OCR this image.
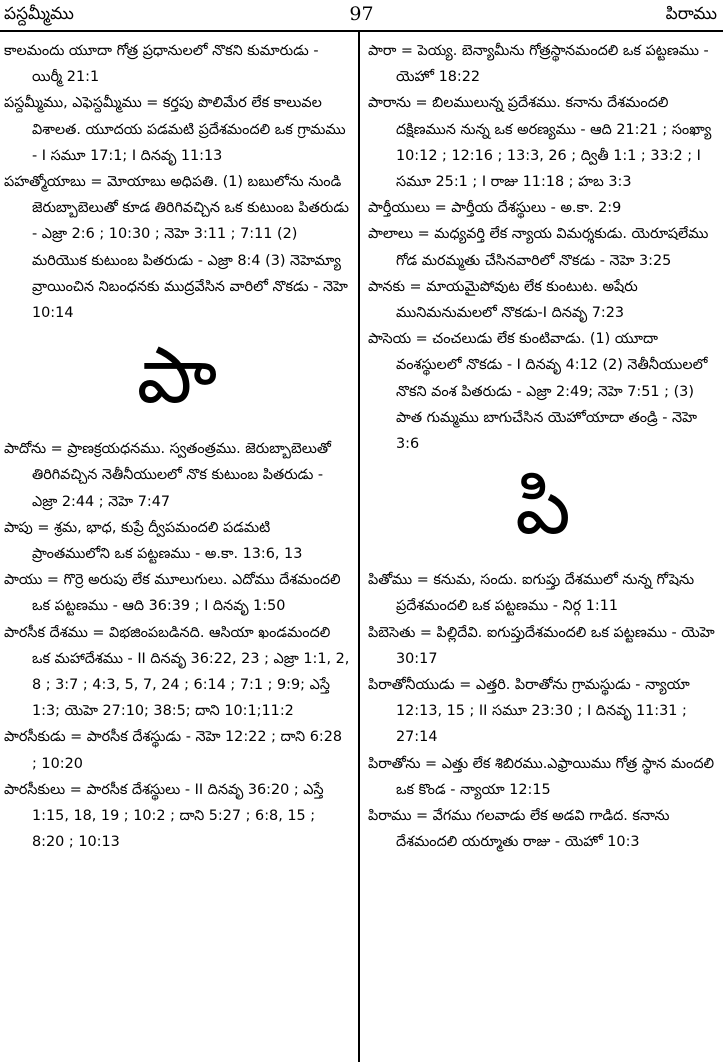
పస్దమ్మీము	97	పిరాము

కాలమందు యూదా గోత్ర ప్రధానులలో నొకని కుమారుడు - యిర్మీ 21:1

పస్దమ్మీము, ఎఫెస్దమ్మీము = కర్తపు పొలిమేర లేక కాలువల విశాలత. యూదయ పడమటి ప్రదేశమందలి ఒక గ్రామము - I సమూ 17:1; I దినవృ 11:13

పహత్మోయాబు = మోయాబు అధిపతి. (1) బబులోను నుండి జెరుబ్బాబెలుతో కూడ తిరిగివచ్చిన ఒక కుటుంబ పితరుడు - ఎజ్రా 2:6 ; 10:30 ; నెహె 3:11 ; 7:11 (2) మరియొక కుటుంబ పితరుడు - ఎజ్రా 8:4 (3) నెహెమ్యా వ్రాయించిన నిబంధనకు ముద్రవేసిన వారిలో నొకడు - నెహె 10:14

పా

పాదోను = ప్రాణక్రయధనము. స్వతంత్రము. జెరుబ్బాబెలుతో తిరిగివచ్చిన నెతీనీయులలో నొక కుటుంబ పితరుడు - ఎజ్రా 2:44 ; నెహె 7:47

పాపు = శ్రమ, భాధ, కుప్రే ద్వీపమందలి పడమటి ప్రాంతములోని ఒక పట్టణము - అ.కా. 13:6, 13

పాయు = గొర్రె అరుపు లేక మూలుగులు. ఎదోము దేశమందలి ఒక పట్టణము - ఆది 36:39 ; I దినవృ 1:50

పారసీక దేశము = విభజింపబడినది. ఆసియా ఖండమందలి ఒక మహాదేశము - II దినవృ 36:22, 23 ; ఎజ్రా 1:1, 2, 8 ; 3:7 ; 4:3, 5, 7, 24 ; 6:14 ; 7:1 ; 9:9; ఎస్తే 1:3; యెహె 27:10; 38:5; దాని 10:1;11:2

పారసీకుడు = పారసీక దేశస్థుడు - నెహె 12:22 ; దాని 6:28 ; 10:20

పారసీకులు = పారసీక దేశస్థులు - II దినవృ 36:20 ; ఎస్తే 1:15, 18, 19 ; 10:2 ; దాని 5:27 ; 6:8, 15 ; 8:20 ; 10:13

పారా = పెయ్య. బెన్యామీను గోత్రస్థానమందలి ఒక పట్టణము - యెహో 18:22

పారాను = బిలములున్న ప్రదేశము. కనాను దేశమందలి దక్షిణమున నున్న ఒక అరణ్యము - ఆది 21:21 ; సంఖ్యా 10:12 ; 12:16 ; 13:3, 26 ; ద్వితీ 1:1 ; 33:2 ; I సమూ 25:1 ; I రాజు 11:18 ; హబ 3:3

పార్తీయులు = పార్తీయ దేశస్థులు - అ.కా. 2:9

పాలాలు = మధ్యవర్తి లేక న్యాయ విమర్శకుడు. యెరూషలేము గోడ మరమ్మతు చేసినవారిలో నొకడు - నెహె 3:25

పానకు = మాయమైపోవుట లేక కుంటుట. అషేరు మునిమనుమలలో నొకడు-I దినవృ 7:23

పాసెయ = చంచలుడు లేక కుంటివాడు. (1) యూదా వంశస్థులలో నొకడు - I దినవృ 4:12 (2) నెతీనీయులలో నొకని వంశ పితరుడు - ఎజ్రా 2:49; నెహె 7:51 ; (3) పాత గుమ్మము బాగుచేసిన యెహోయాదా తండ్రి - నెహె 3:6

పి

పితోము = కనుమ, సందు. ఐగుప్తు దేశములో నున్న గోషెను ప్రదేశమందలి ఒక పట్టణము - నిర్గ 1:11

పిబెసెతు = పిల్లిదేవి. ఐగుప్తుదేశమందలి ఒక పట్టణము - యెహె 30:17

పిరాతోనీయుడు = ఎత్తరి. పిరాతోను గ్రామస్థుడు - న్యాయా 12:13, 15 ; II సమూ 23:30 ; I దినవృ 11:31 ; 27:14

పిరాతోను = ఎత్తు లేక శిబిరము.ఎఫ్రాయిము గోత్ర స్థాన మందలి ఒక కొండ - న్యాయా 12:15

పిరాము = వేగము గలవాడు లేక అడవి గాడిద. కనాను దేశమందలి యర్మూతు రాజు - యెహో 10:3
